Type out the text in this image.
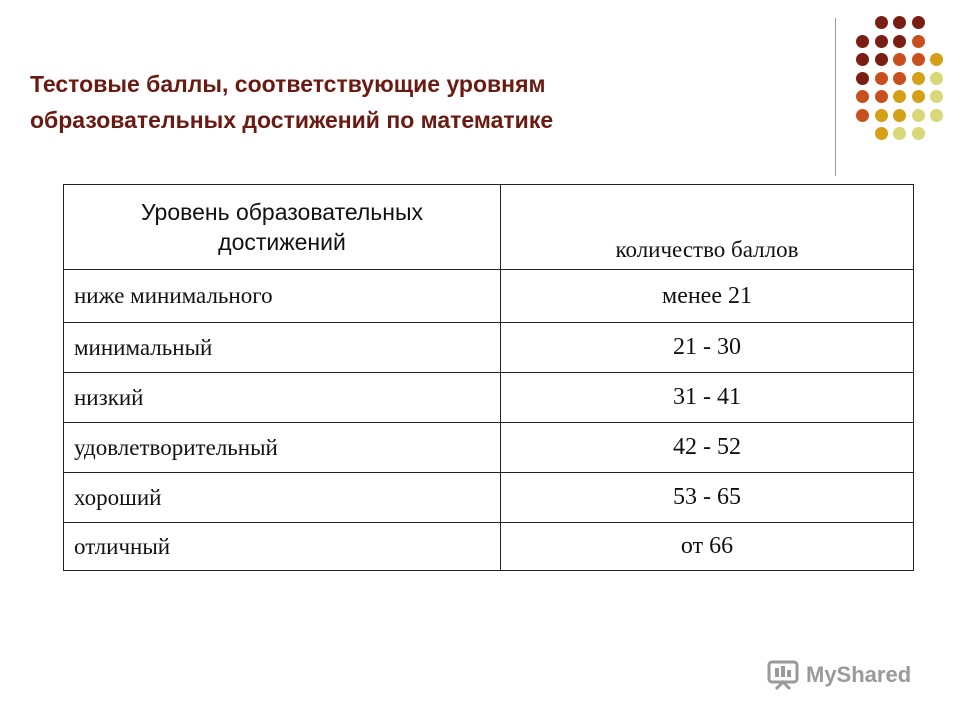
Тестовые баллы, соответствующие уровням
образовательных достижений по математике
Уровень образовательных
достижений	количество баллов

ниже минимального	менее 21
минимальный	21 - 30
низкий	31 - 41
удовлетворительный	42 - 52
хороший	53 - 65
отличный	от 66
MyShared
